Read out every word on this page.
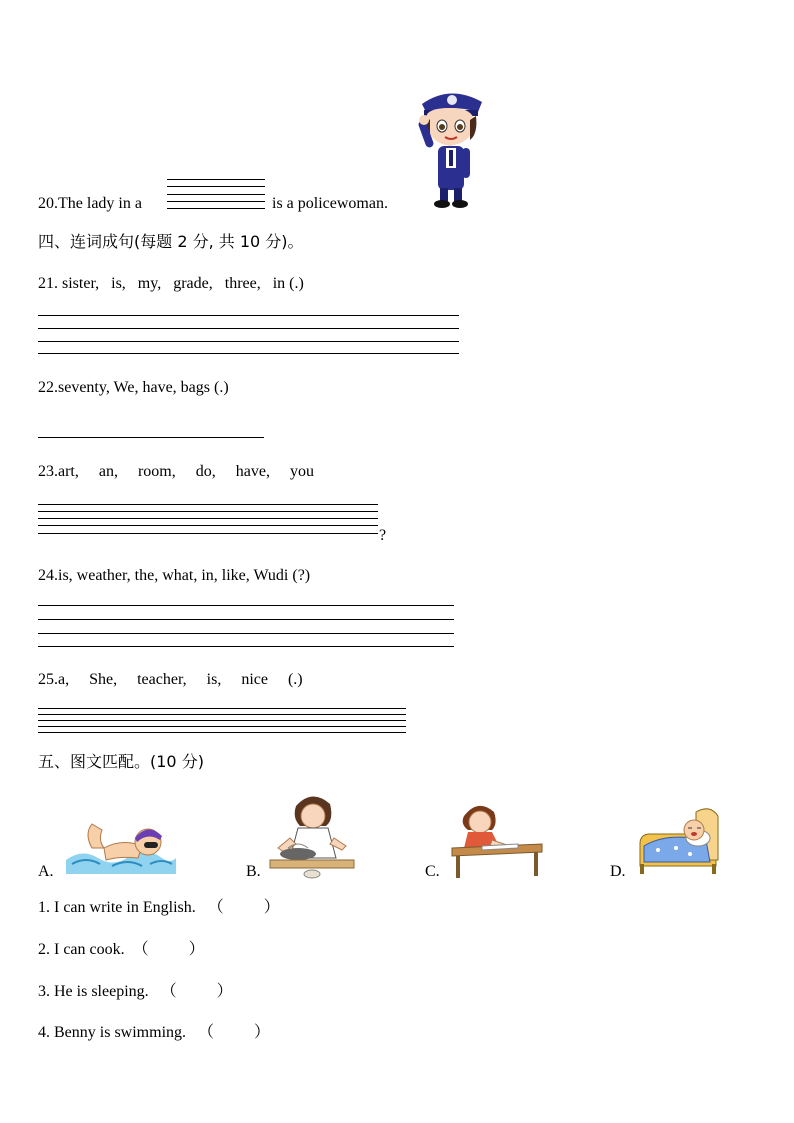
20.The lady in a	is a policewoman.
四、连词成句(每题 2 分, 共 10 分)。
21. sister,   is,   my,   grade,   three,   in (.)
22.seventy, We, have, bags (.)
23.art,     an,     room,     do,     have,     you
?
24.is, weather, the, what, in, like, Wudi (?)
25.a,     She,     teacher,     is,     nice     (.)
五、图文匹配。(10 分)
A.	B.	C.	D.
1. I can write in English.   （          ）
2. I can cook.  （          ）
3. He is sleeping.   （          ）
4. Benny is swimming.   （          ）
